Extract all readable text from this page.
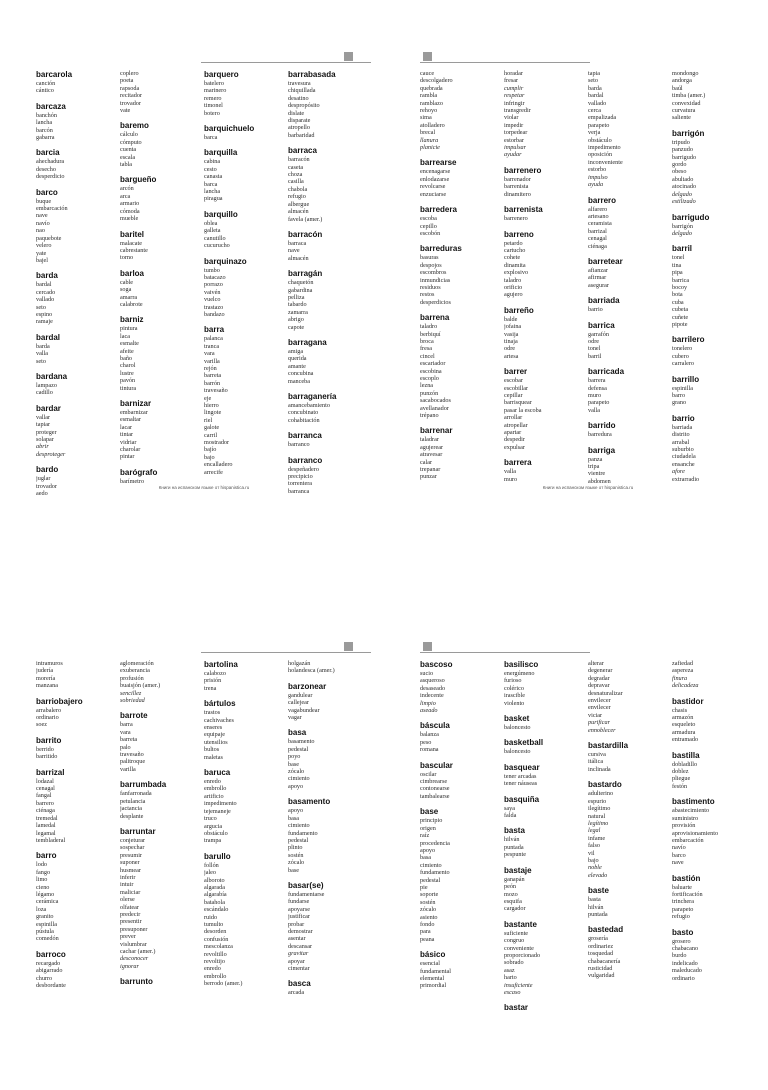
barcarola
canción
cántico
barcaza
banchón
lancha
barcón
gabarra
barcia
ahechadura
desecho
desperdicio
barco
buque
embarcación
nave
navío
nao
paquebote
velero
yate
bajel
barda
bardal
cercado
vallado
seto
espino
ramaje
bardal
barda
valla
seto
bardana
lampazo
cadillo
bardar
vallar
tapiar
proteger
solapar
abrir
desproteger
bardo
juglar
trovador
aedo
coplero
poeta
rapsoda
recitador
trovador
vate
baremo
cálculo
cómputo
cuenta
escala
tabla
bargueño
arcón
arca
armario
cómoda
mueble
baritel
malacate
cabrestante
torno
barloa
cable
soga
amarra
calabrote
barniz
pintura
laca
esmalte
afeite
baño
charol
lustre
pavón
tintura
barnizar
embarnizar
esmaltar
lacar
tintar
vidriar
charolar
pintar
barógrafo
barímetro
barquero
batelero
marinero
remero
timonel
botero
barquichuelo
barca
barquilla
cabina
cesto
canasta
barca
lancha
piragua
barquillo
oblea
galleta
canutillo
cucurucho
barquinazo
tumbo
batacazo
porrazo
vaivén
vuelco
trastazo
bandazo
barra
palanca
tranca
vara
varilla
rejón
barreta
barrón
travesaño
eje
hierro
lingote
riel
galote
carril
mostrador
bajío
bajo
encalladero
arrecife
barrabasada
travesura
chiquillada
desatino
despropósito
dislate
disparate
atropello
barbaridad
barraca
barracón
caseta
choza
casilla
chabola
refugio
albergue
almacén
favela (amer.)
barracón
barraca
nave
almacén
barragán
chaquetón
gabardina
pelliza
tabardo
zamarra
abrigo
capote
barragana
amiga
querida
amante
concubina
manceba
barraganería
amancebamiento
concubinato
cohabitación
barranca
barranco
barranco
despeñadero
precipicio
torrentera
barranca
Книги на испанском языке от hispanistica.ru
cauce
descolgadero
quebrada
rambla
ramblazo
rehoyo
sima
atolladero
brecal
llanura
planicie
barrearse
encenagarse
enlodazarse
revolcarse
enzuciarse
barredera
escoba
cepillo
escobón
barreduras
basuras
despojos
escombros
inmundicias
residuos
restos
desperdicios
barrena
taladro
berbiquí
broca
fresa
cincel
escariador
escobina
escoplo
lezna
punzón
sacabocados
avellanador
trépano
barrenar
taladrar
agujerear
atravesar
calar
trepanar
punzar
horadar
fresar
cumplir
respetar
infringir
transgredir
violar
impedir
torpedear
estorbar
impulsar
ayudar
barrenero
barrenador
barrenista
dinamitero
barrenista
barrenero
barreno
petardo
cartucho
cohete
dinamita
explosivo
taladro
orificio
agujero
barreño
balde
jofaina
vasija
tinaja
odre
artesa
barrer
escobar
escobillar
cepillar
barrisquear
pasar la escoba
arrollar
atropellar
apartar
despedir
expulsar
barrera
valla
muro
tapia
seto
barda
bardal
vallado
cerca
empalizada
parapeto
verja
obstáculo
impedimento
oposición
inconveniente
estorbo
impulso
ayuda
barrero
alfarero
artesano
ceramista
barrizal
cenagal
ciénaga
barretear
afianzar
afirmar
asegurar
barriada
barrio
barrica
garrafón
odre
tonel
barril
barricada
barrera
defensa
muro
parapeto
valla
barrido
barredura
barriga
panza
tripa
vientre
abdomen
mondongo
andorga
baúl
timba (amer.)
convexidad
curvatura
saliente
barrigón
tripudo
panzudo
barrigudo
gordo
obeso
abultado
atocinado
delgado
estilizado
barrigudo
barrigón
delgado
barril
tonel
tina
pipa
barrica
bocoy
bota
cuba
cubeta
cuñete
pipote
barrilero
tonelero
cubero
carralero
barrillo
espinilla
barro
grano
barrio
barriada
distrito
arrabal
suburbio
ciudadela
ensanche
afore
extrarradio
Книги на испанском языке от hispanistica.ru
intramuros
judería
morería
manzana
barriobajero
arrabalero
ordinario
soez
barrito
berrido
barritido
barrizal
lodazal
cenagal
fangal
barrero
ciénaga
tremedal
lamedal
legamal
tembladeral
barro
lodo
fango
limo
cieno
légamo
cerámica
loza
granito
espinilla
pústula
comedón
barroco
recargado
abigarrado
churro
desbordante
aglomeración
exuberancia
profusión
buaisjón (amer.)
sencillez
sobriedad
barrote
barra
vara
barreta
palo
travesaño
palitroque
varilla
barrumbada
fanfarronada
petulancia
jactancia
desplante
barruntar
conjeturar
sospechar
presumir
suponer
husmear
inferir
intuir
maliciar
olerse
olfatear
predecir
presentir
presuponer
prever
vislumbrar
cachar (amer.)
desconocer
ignorar
barrunto
bartolina
calabozo
prisión
trena
bártulos
trastos
cachivaches
enseres
equipaje
utensilios
bultos
maletas
baruca
enredo
embrollo
artificio
impedimento
tejemaneje
truco
argucia
obstáculo
trampa
barullo
follón
jaleo
alboroto
algarada
algarabía
batahola
escándalo
ruido
tumulto
desorden
confusión
mescolanza
revoltillo
revoltijo
enredo
embrollo
berrodo (amer.)
holgazán
holandesca (amer.)
barzonear
gandulear
callejear
vagabundear
vagar
basa
basamento
pedestal
poyo
base
zócalo
cimiento
apoyo
basamento
apoyo
basa
cimiento
fundamento
pedestal
plinto
sostén
zócalo
base
basar(se)
fundamentarse
fundarse
apoyarse
justificar
probar
demostrar
asentar
descansar
gravitar
apoyar
cimentar
basca
arcada
bascoso
sucio
asqueroso
desaseado
indecente
limpio
aseado
báscula
balanza
peso
romana
bascular
oscilar
cimbrearse
contonearse
tambalearse
base
principio
origen
raíz
procedencia
apoyo
basa
cimiento
fundamento
pedestal
pie
soporte
sostén
zócalo
asiento
fondo
para
peana
básico
esencial
fundamental
elemental
primordial
basilisco
energúmeno
furioso
colérico
irascible
violento
basket
baloncesto
basketball
baloncesto
basquear
tener arcadas
tener náuseas
basquiña
saya
falda
basta
hilván
puntada
pespunte
bastaje
ganapán
peón
mozo
esquifa
cargador
bastante
suficiente
congruo
conveniente
proporcionado
sobrado
asaz
harto
insuficiente
escaso
bastar
alterar
degenerar
degradar
depravar
desnaturalizar
envilecer
envilecer
viciar
purificar
ennoblecer
bastardilla
cursiva
itálica
inclinada
bastardo
adulterino
espurio
ilegítimo
natural
legítimo
legal
infame
falso
vil
bajo
noble
elevado
baste
basta
hilván
puntada
bastedad
grosería
ordinariez
tosquedad
chabacanería
rusticidad
vulgaridad
zafiedad
aspereza
finura
delicadeza
bastidor
chasis
armazón
esqueleto
armadura
entramado
bastilla
dobladillo
doblez
pliegue
festón
bastimento
abastecimiento
suministro
provisión
aprovisionamiento
embarcación
navío
barco
nave
bastión
baluarte
fortificación
trinchera
parapeto
refugio
basto
grosero
chabacano
burdo
indelicado
maleducado
ordinario
